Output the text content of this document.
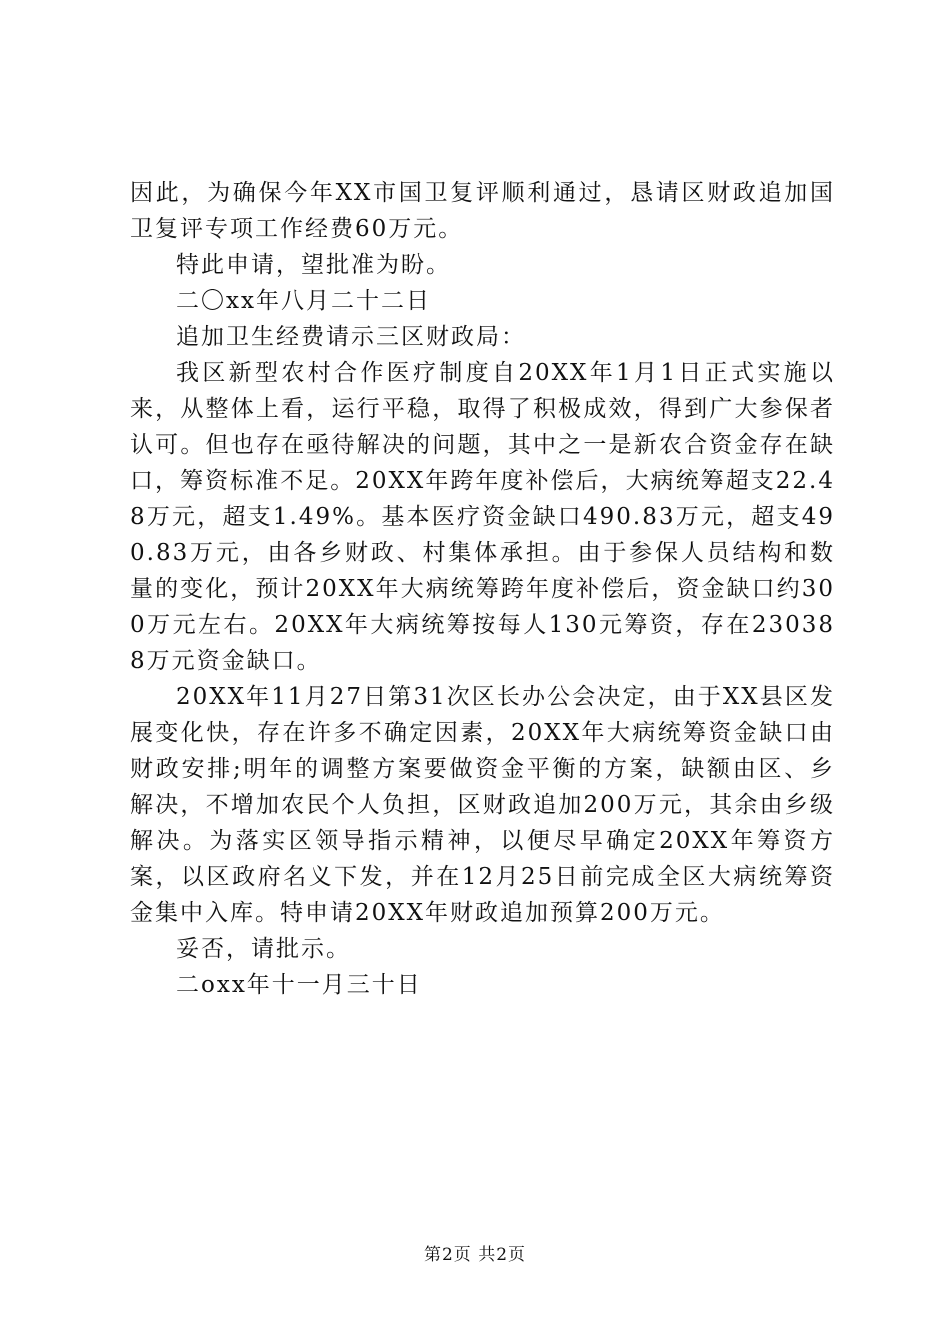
因此，为确保今年XX市国卫复评顺利通过，恳请区财政追加国卫复评专项工作经费60万元。

特此申请，望批准为盼。

二〇xx年八月二十二日

追加卫生经费请示三区财政局：

我区新型农村合作医疗制度自20XX年1月1日正式实施以来，从整体上看，运行平稳，取得了积极成效，得到广大参保者认可。但也存在亟待解决的问题，其中之一是新农合资金存在缺口，筹资标准不足。20XX年跨年度补偿后，大病统筹超支22.48万元，超支1.49%。基本医疗资金缺口490.83万元，超支490.83万元，由各乡财政、村集体承担。由于参保人员结构和数量的变化，预计20XX年大病统筹跨年度补偿后，资金缺口约300万元左右。20XX年大病统筹按每人130元筹资，存在230388万元资金缺口。

20XX年11月27日第31次区长办公会决定，由于XX县区发展变化快，存在许多不确定因素，20XX年大病统筹资金缺口由财政安排;明年的调整方案要做资金平衡的方案，缺额由区、乡解决，不增加农民个人负担，区财政追加200万元，其余由乡级解决。为落实区领导指示精神，以便尽早确定20XX年筹资方案，以区政府名义下发，并在12月25日前完成全区大病统筹资金集中入库。特申请20XX年财政追加预算200万元。

妥否，请批示。

二oxx年十一月三十日

第2页 共2页
